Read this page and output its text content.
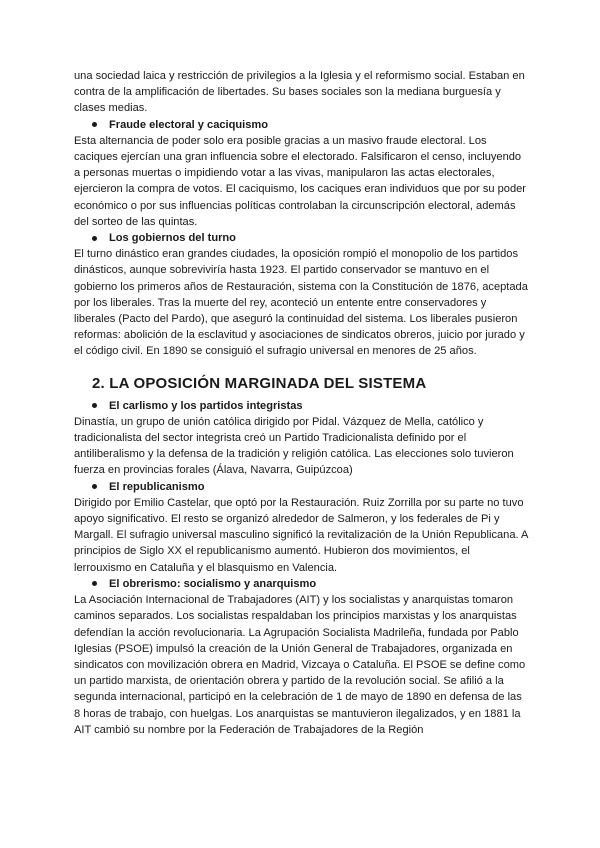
una sociedad laica y restricción de privilegios a la Iglesia y el reformismo social. Estaban en contra de la amplificación de libertades. Su bases sociales son la mediana burguesía y clases medias.

Fraude electoral y caciquismo

Esta alternancia de poder solo era posible gracias a un masivo fraude electoral. Los caciques ejercían una gran influencia sobre el electorado. Falsificaron el censo, incluyendo a personas muertas o impidiendo votar a las vivas, manipularon las actas electorales, ejercieron la compra de votos. El caciquismo, los caciques eran individuos que por su poder económico o por sus influencias políticas controlaban la circunscripción electoral, además del sorteo de las quintas.

Los gobiernos del turno

El turno dinástico eran grandes ciudades, la oposición rompió el monopolio de los partidos dinásticos, aunque sobreviviría hasta 1923. El partido conservador se mantuvo en el gobierno los primeros años de Restauración, sistema con la Constitución de 1876, aceptada por los liberales. Tras la muerte del rey, aconteció un entente entre conservadores y liberales (Pacto del Pardo), que aseguró la continuidad del sistema. Los liberales pusieron reformas: abolición de la esclavitud y asociaciones de sindicatos obreros, juicio por jurado y el código civil. En 1890 se consiguió el sufragio universal en menores de 25 años.

2. LA OPOSICIÓN MARGINADA DEL SISTEMA
El carlismo y los partidos integristas

Dinastía, un grupo de unión católica dirigido por Pidal. Vázquez de Mella, católico y tradicionalista del sector integrista creó un Partido Tradicionalista definido por el antiliberalismo y la defensa de la tradición y religión católica. Las elecciones solo tuvieron fuerza en provincias forales (Álava, Navarra, Guipúzcoa)

El republicanismo

Dirigido por Emilio Castelar, que optó por la Restauración. Ruiz Zorrilla por su parte no tuvo apoyo significativo. El resto se organizó alrededor de Salmeron, y los federales de Pi y Margall. El sufragio universal masculino significó la revitalización de la Unión Republicana. A principios de Siglo XX el republicanismo aumentó. Hubieron dos movimientos, el lerrouxismo en Cataluña y el blasquismo en Valencia.

El obrerismo: socialismo y anarquismo

La Asociación Internacional de Trabajadores (AIT) y los socialistas y anarquistas tomaron caminos separados. Los socialistas respaldaban los principios marxistas y los anarquistas defendían la acción revolucionaria. La Agrupación Socialista Madrileña, fundada por Pablo Iglesias (PSOE) impulsó la creación de la Unión General de Trabajadores, organizada en sindicatos con movilización obrera en Madrid, Vizcaya o Cataluña. El PSOE se define como un partido marxista, de orientación obrera y partido de la revolución social. Se afilió a la segunda internacional, participó en la celebración de 1 de mayo de 1890 en defensa de las 8 horas de trabajo, con huelgas. Los anarquistas se mantuvieron ilegalizados, y en 1881 la AIT cambió su nombre por la Federación de Trabajadores de la Región
